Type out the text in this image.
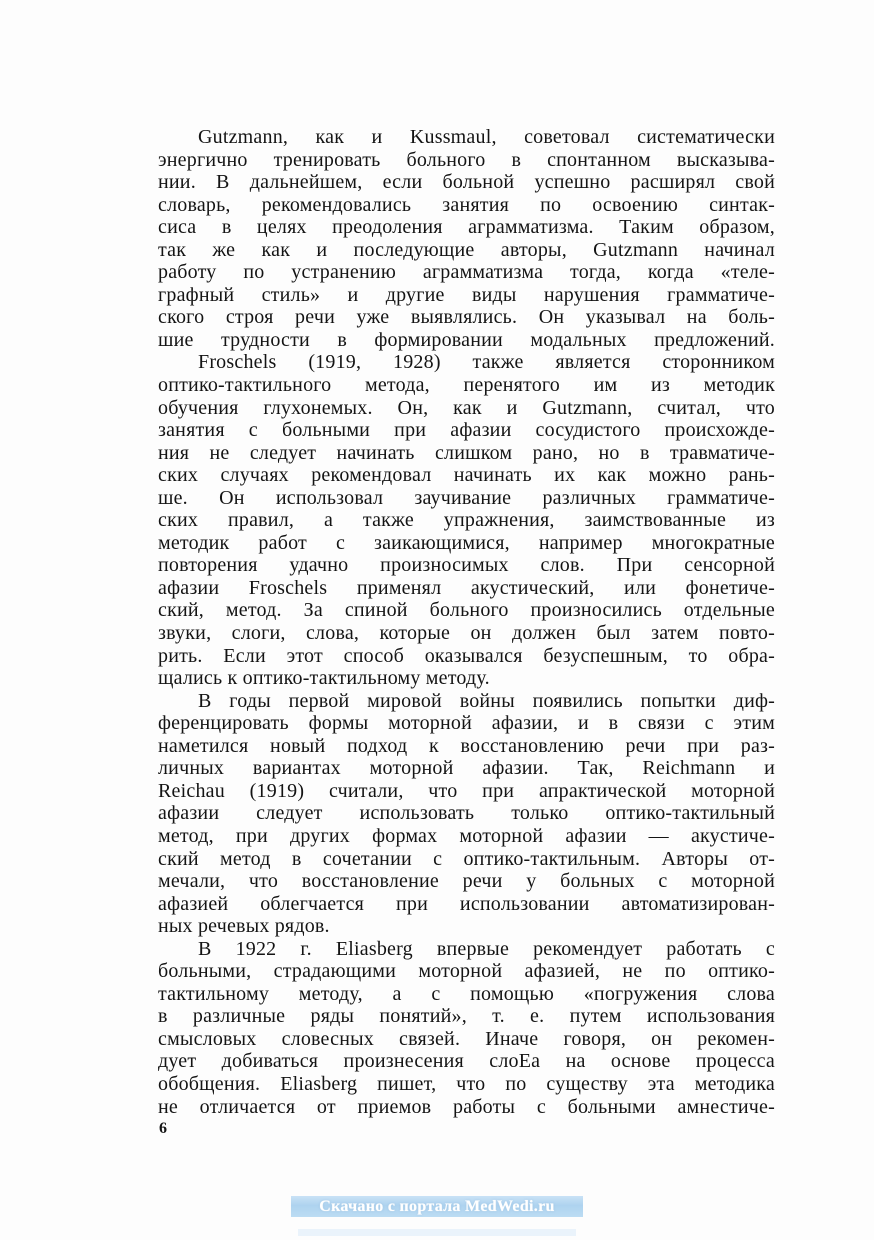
Gutzmann, как и Kussmaul, советовал систематически
энергично тренировать больного в спонтанном высказыва-
нии. В дальнейшем, если больной успешно расширял свой
словарь, рекомендовались занятия по освоению синтак-
сиса в целях преодоления аграмматизма. Таким образом,
так же как и последующие авторы, Gutzmann начинал
работу по устранению аграмматизма тогда, когда «теле-
графный стиль» и другие виды нарушения грамматиче-
ского строя речи уже выявлялись. Он указывал на боль-
шие трудности в формировании модальных предложений.
Froschels (1919, 1928) также является сторонником
оптико-тактильного метода, перенятого им из методик
обучения глухонемых. Он, как и Gutzmann, считал, что
занятия с больными при афазии сосудистого происхожде-
ния не следует начинать слишком рано, но в травматиче-
ских случаях рекомендовал начинать их как можно рань-
ше. Он использовал заучивание различных грамматиче-
ских правил, а также упражнения, заимствованные из
методик работ с заикающимися, например многократные
повторения удачно произносимых слов. При сенсорной
афазии Froschels применял акустический, или фонетиче-
ский, метод. За спиной больного произносились отдельные
звуки, слоги, слова, которые он должен был затем повто-
рить. Если этот способ оказывался безуспешным, то обра-
щались к оптико-тактильному методу.
В годы первой мировой войны появились попытки диф-
ференцировать формы моторной афазии, и в связи с этим
наметился новый подход к восстановлению речи при раз-
личных вариантах моторной афазии. Так, Reichmann и
Reichau (1919) считали, что при апрактической моторной
афазии следует использовать только оптико-тактильный
метод, при других формах моторной афазии — акустиче-
ский метод в сочетании с оптико-тактильным. Авторы от-
мечали, что восстановление речи у больных с моторной
афазией облегчается при использовании автоматизирован-
ных речевых рядов.
В 1922 г. Eliasberg впервые рекомендует работать с
больными, страдающими моторной афазией, не по оптико-
тактильному методу, а с помощью «погружения слова
в различные ряды понятий», т. е. путем использования
смысловых словесных связей. Иначе говоря, он рекомен-
дует добиваться произнесения слоЕа на основе процесса
обобщения. Eliasberg пишет, что по существу эта методика
не отличается от приемов работы с больными амнестиче-
6
Скачано с портала MedWedi.ru
